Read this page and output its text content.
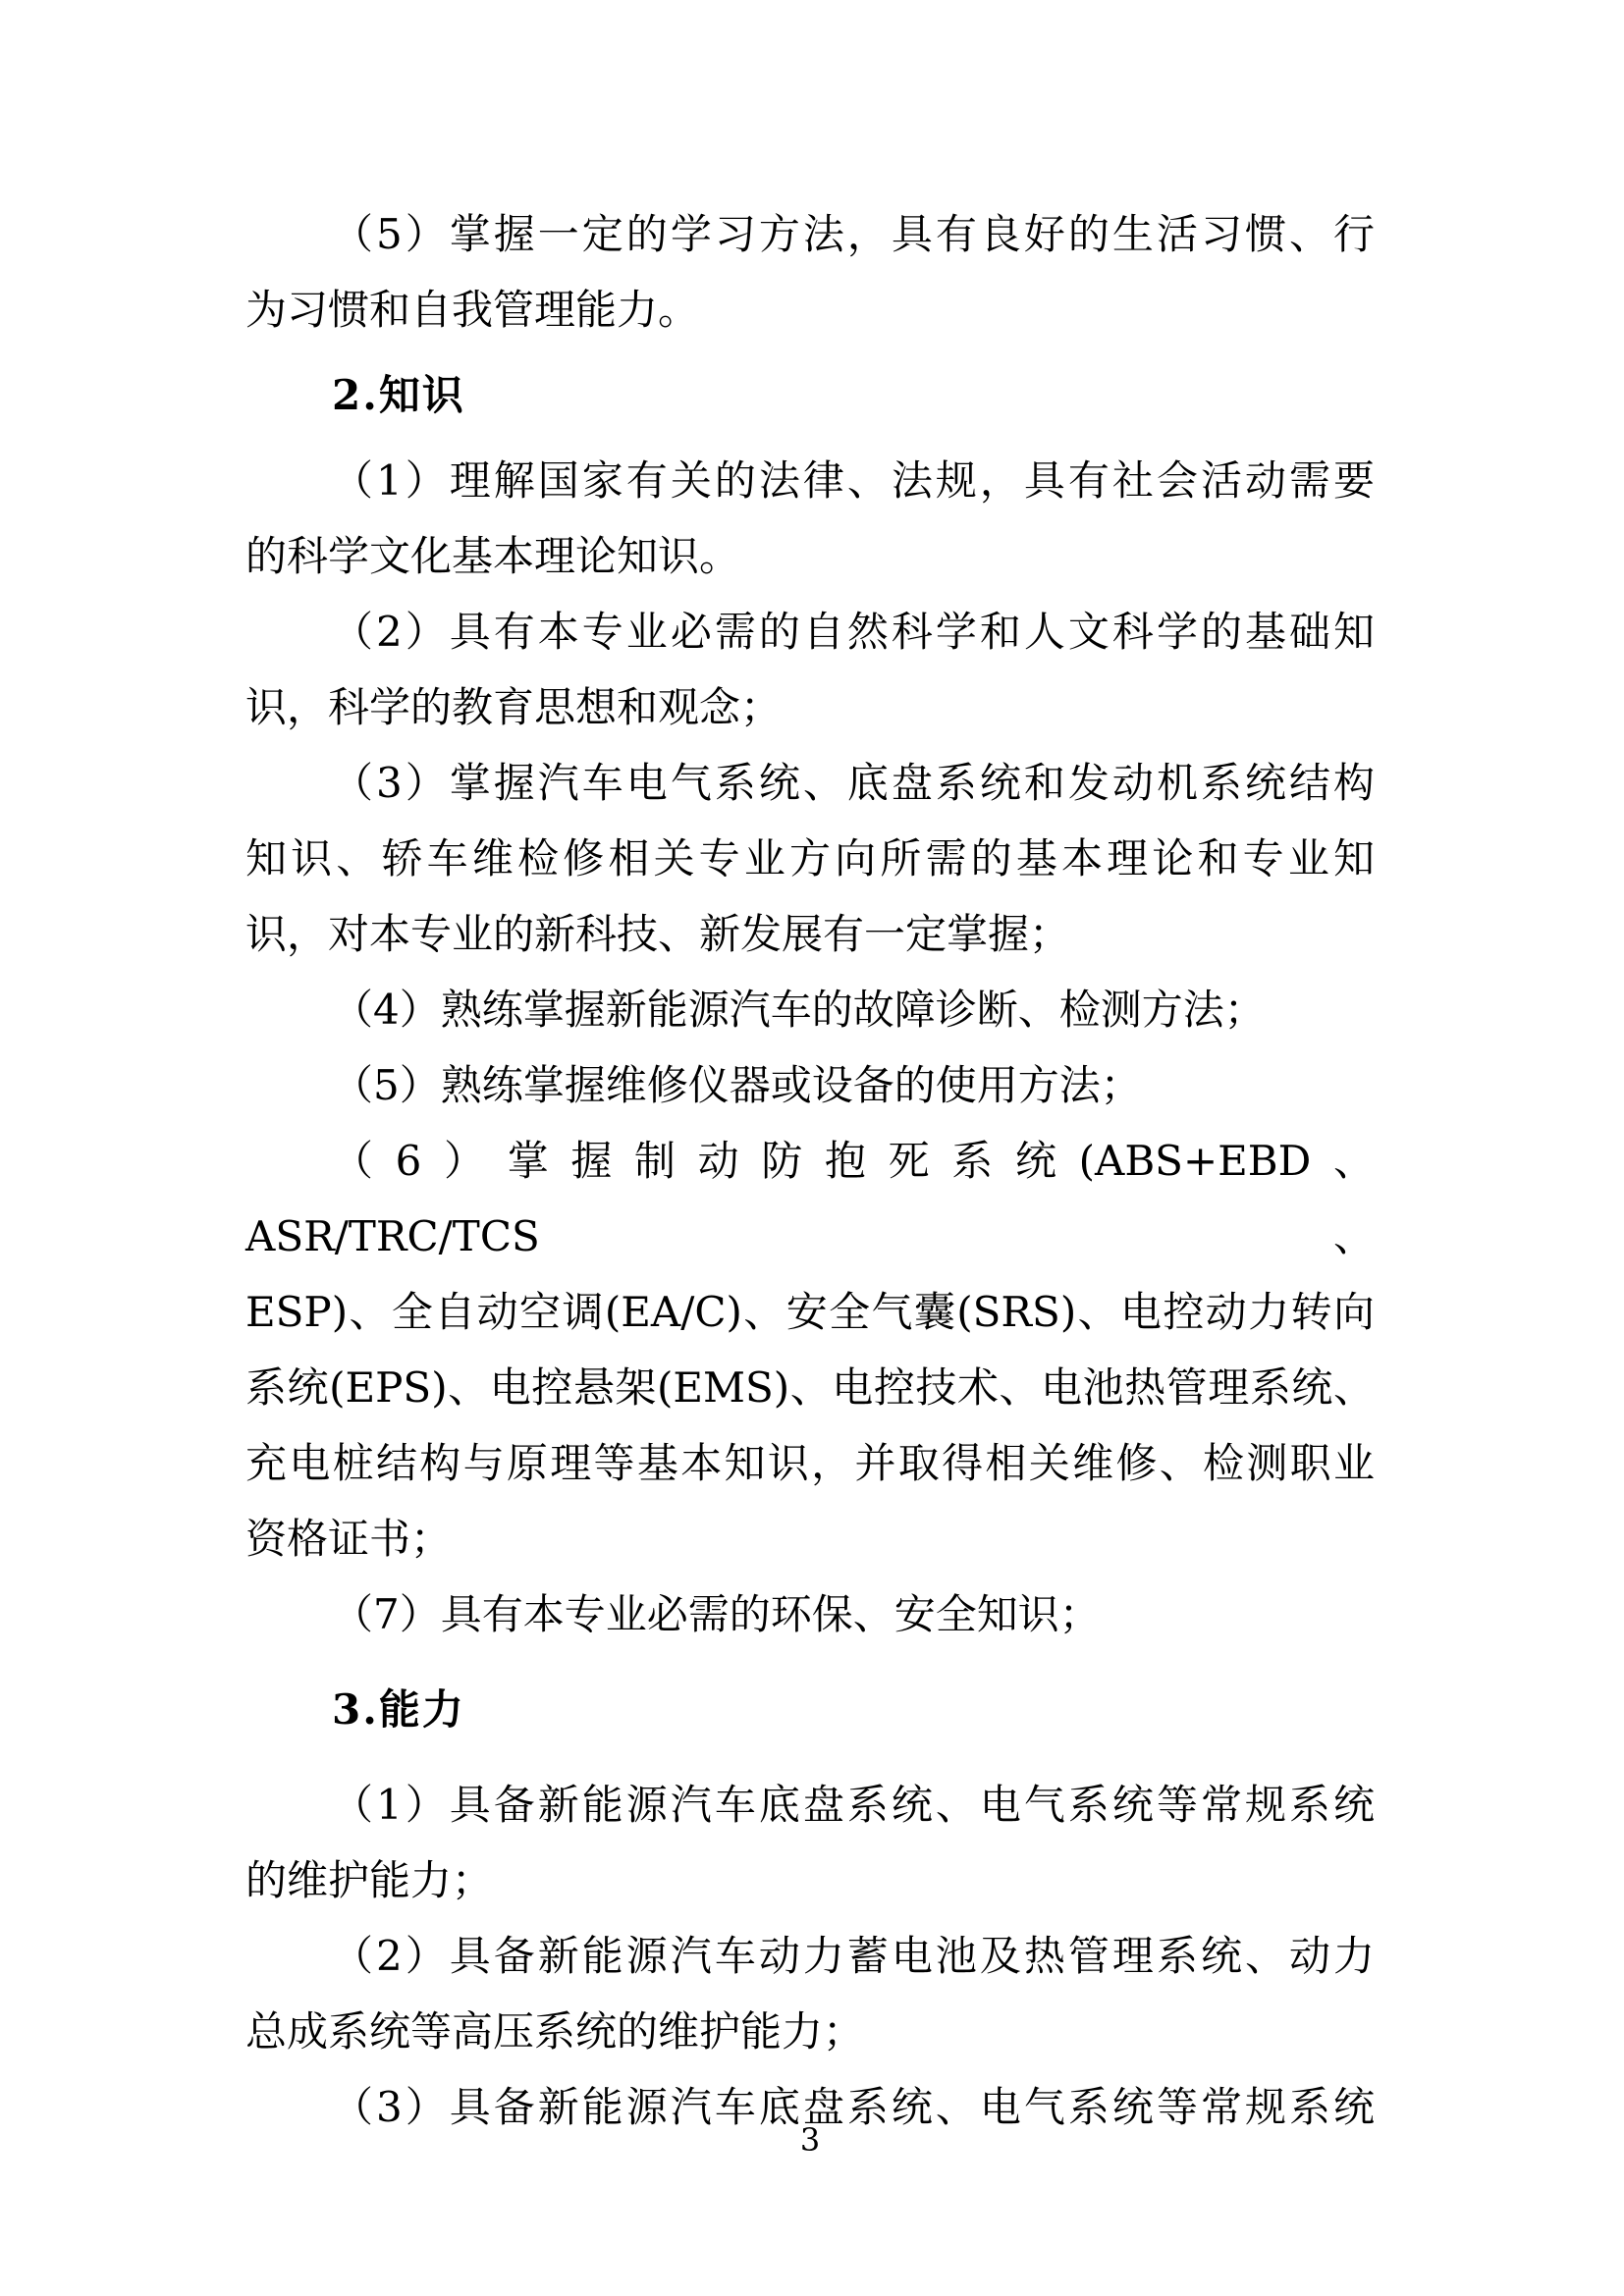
（5）掌握一定的学习方法，具有良好的生活习惯、行
为习惯和自我管理能力。
2.知识
（1）理解国家有关的法律、法规，具有社会活动需要
的科学文化基本理论知识。
（2）具有本专业必需的自然科学和人文科学的基础知
识，科学的教育思想和观念；
（3）掌握汽车电气系统、底盘系统和发动机系统结构
知识、轿车维检修相关专业方向所需的基本理论和专业知
识，对本专业的新科技、新发展有一定掌握；
（4）熟练掌握新能源汽车的故障诊断、检测方法；
（5）熟练掌握维修仪器或设备的使用方法；
（6）掌握制动防抱死系统(ABS+EBD、ASR/TRC/TCS、
ESP)、全自动空调(EA/C)、安全气囊(SRS)、电控动力转向
系统(EPS)、电控悬架(EMS)、电控技术、电池热管理系统、
充电桩结构与原理等基本知识，并取得相关维修、检测职业
资格证书；
（7）具有本专业必需的环保、安全知识；
3.能力
（1）具备新能源汽车底盘系统、电气系统等常规系统
的维护能力；
（2）具备新能源汽车动力蓄电池及热管理系统、动力
总成系统等高压系统的维护能力；
（3）具备新能源汽车底盘系统、电气系统等常规系统
3
